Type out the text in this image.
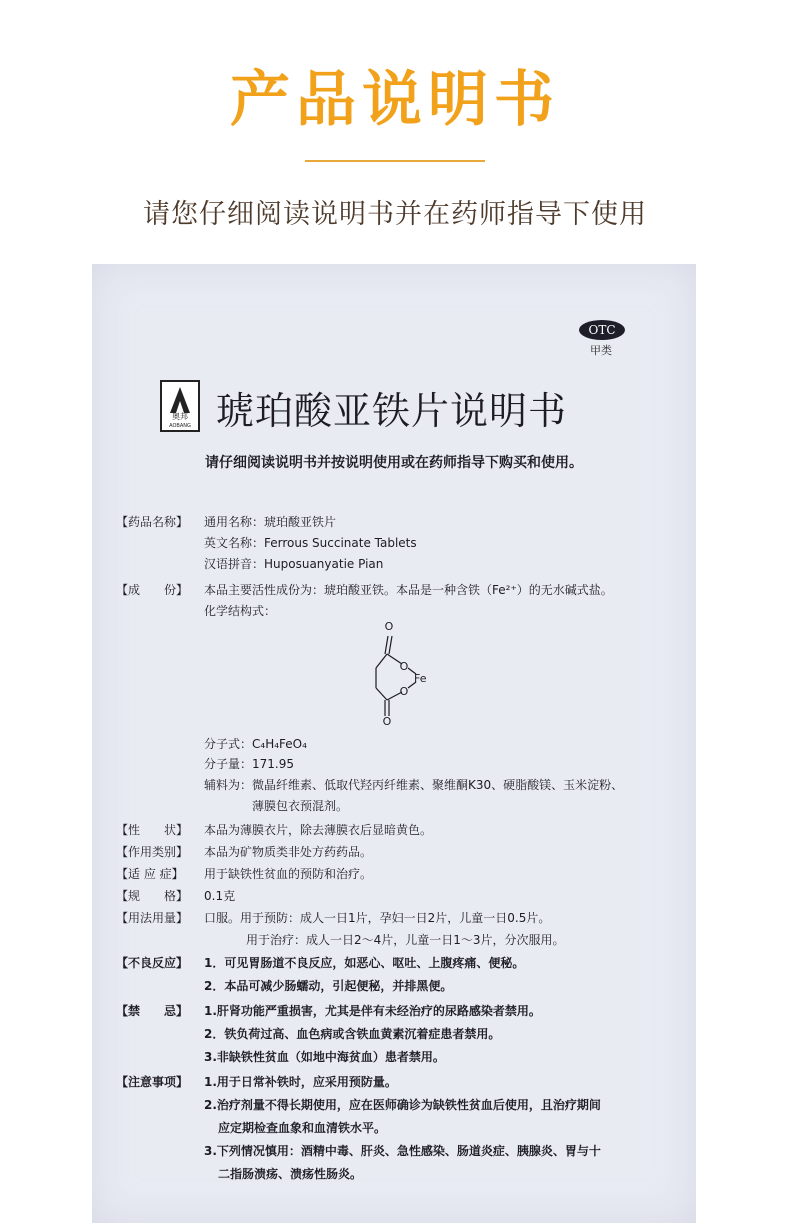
产品说明书
请您仔细阅读说明书并在药师指导下使用
OTC
甲类
奥邦
AOBANG 琥珀酸亚铁片说明书
请仔细阅读说明书并按说明使用或在药师指导下购买和使用。
【药品名称】 通用名称：琥珀酸亚铁片
英文名称：Ferrous Succinate Tablets
汉语拼音：Huposuanyatie Pian
【成　　份】 本品主要活性成份为：琥珀酸亚铁。本品是一种含铁（Fe²⁺）的无水碱式盐。
化学结构式：
O
O
O
O
Fe
分子式：C₄H₄FeO₄
分子量：171.95
辅料为：微晶纤维素、低取代羟丙纤维素、聚维酮K30、硬脂酸镁、玉米淀粉、
薄膜包衣预混剂。
【性　　状】 本品为薄膜衣片，除去薄膜衣后显暗黄色。
【作用类别】 本品为矿物质类非处方药药品。
【适 应 症】 用于缺铁性贫血的预防和治疗。
【规　　格】 0.1克
【用法用量】 口服。用于预防：成人一日1片，孕妇一日2片，儿童一日0.5片。
用于治疗：成人一日2～4片，儿童一日1～3片，分次服用。
【不良反应】 1．可见胃肠道不良反应，如恶心、呕吐、上腹疼痛、便秘。
2．本品可减少肠蠕动，引起便秘，并排黑便。
【禁　　忌】 1.肝肾功能严重损害，尤其是伴有未经治疗的尿路感染者禁用。
2．铁负荷过高、血色病或含铁血黄素沉着症患者禁用。
3.非缺铁性贫血（如地中海贫血）患者禁用。
【注意事项】 1.用于日常补铁时，应采用预防量。
2.治疗剂量不得长期使用，应在医师确诊为缺铁性贫血后使用，且治疗期间
应定期检查血象和血清铁水平。
3.下列情况慎用：酒精中毒、肝炎、急性感染、肠道炎症、胰腺炎、胃与十
二指肠溃疡、溃疡性肠炎。
